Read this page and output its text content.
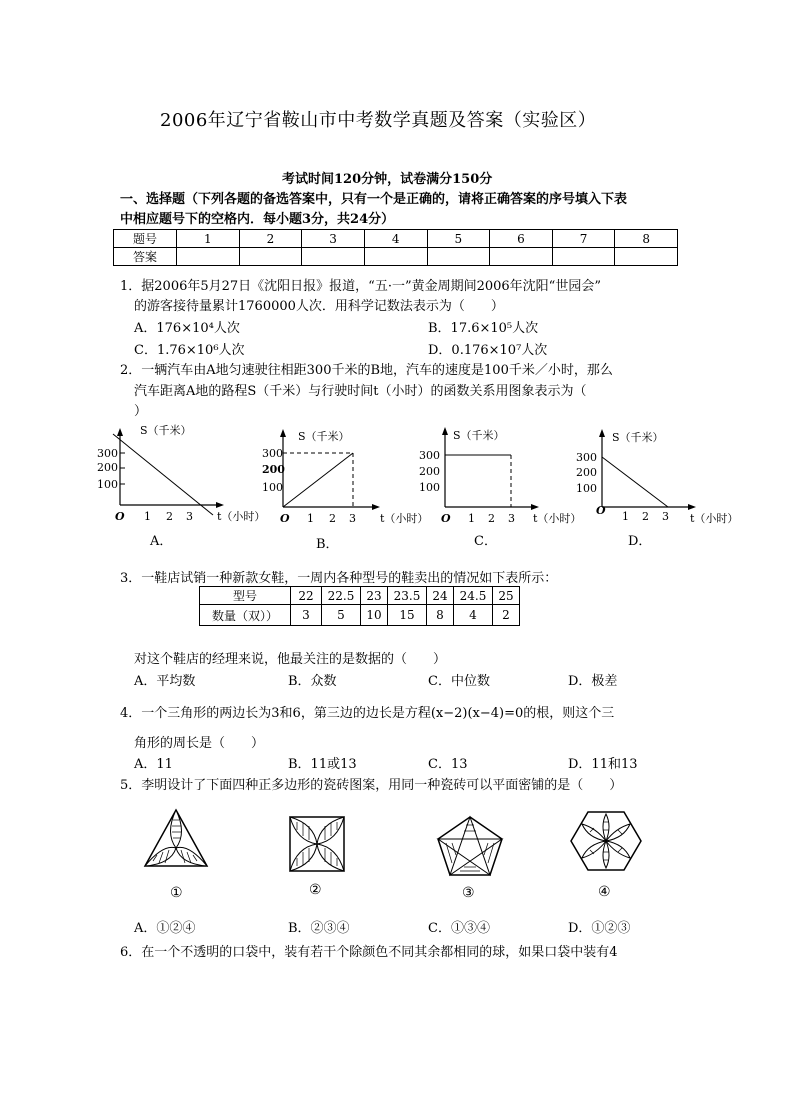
2006年辽宁省鞍山市中考数学真题及答案（实验区）
考试时间120分钟，试卷满分150分
一、选择题（下列各题的备选答案中，只有一个是正确的，请将正确答案的序号填入下表
中相应题号下的空格内．每小题3分，共24分）
题号	1	2	3	4	5	6	7	8
答案								
1．据2006年5月27日《沈阳日报》报道，“五·一”黄金周期间2006年沈阳“世园会”
的游客接待量累计1760000人次．用科学记数法表示为（　　）
A．176×10⁴人次	B．17.6×10⁵人次
C．1.76×10⁶人次	D．0.176×10⁷人次
2．一辆汽车由A地匀速驶往相距300千米的B地，汽车的速度是100千米／小时，那么
汽车距离A地的路程S（千米）与行驶时间t（小时）的函数关系用图象表示为（
）
S（千米）
300
200
100
O 1 2 3 t（小时）
A．
S（千米）
300
200
100
O 1 2 3 t（小时）
B．
S（千米）
300
200
100
O 1 2 3 t（小时）
C．
S（千米）
300
200
100
O 1 2 3 t（小时）
D．
3．一鞋店试销一种新款女鞋，一周内各种型号的鞋卖出的情况如下表所示：
型号	22	22.5	23	23.5	24	24.5	25
数量（双））	3	5	10	15	8	4	2
对这个鞋店的经理来说，他最关注的是数据的（　　）
A．平均数	B．众数	C．中位数	D．极差
4．一个三角形的两边长为3和6，第三边的边长是方程(x−2)(x−4)=0的根，则这个三
角形的周长是（　　）
A．11	B．11或13	C．13	D．11和13
5．李明设计了下面四种正多边形的瓷砖图案，用同一种瓷砖可以平面密铺的是（　　）
①	②	③	④
A．①②④	B．②③④	C．①③④	D．①②③
6．在一个不透明的口袋中，装有若干个除颜色不同其余都相同的球，如果口袋中装有4
